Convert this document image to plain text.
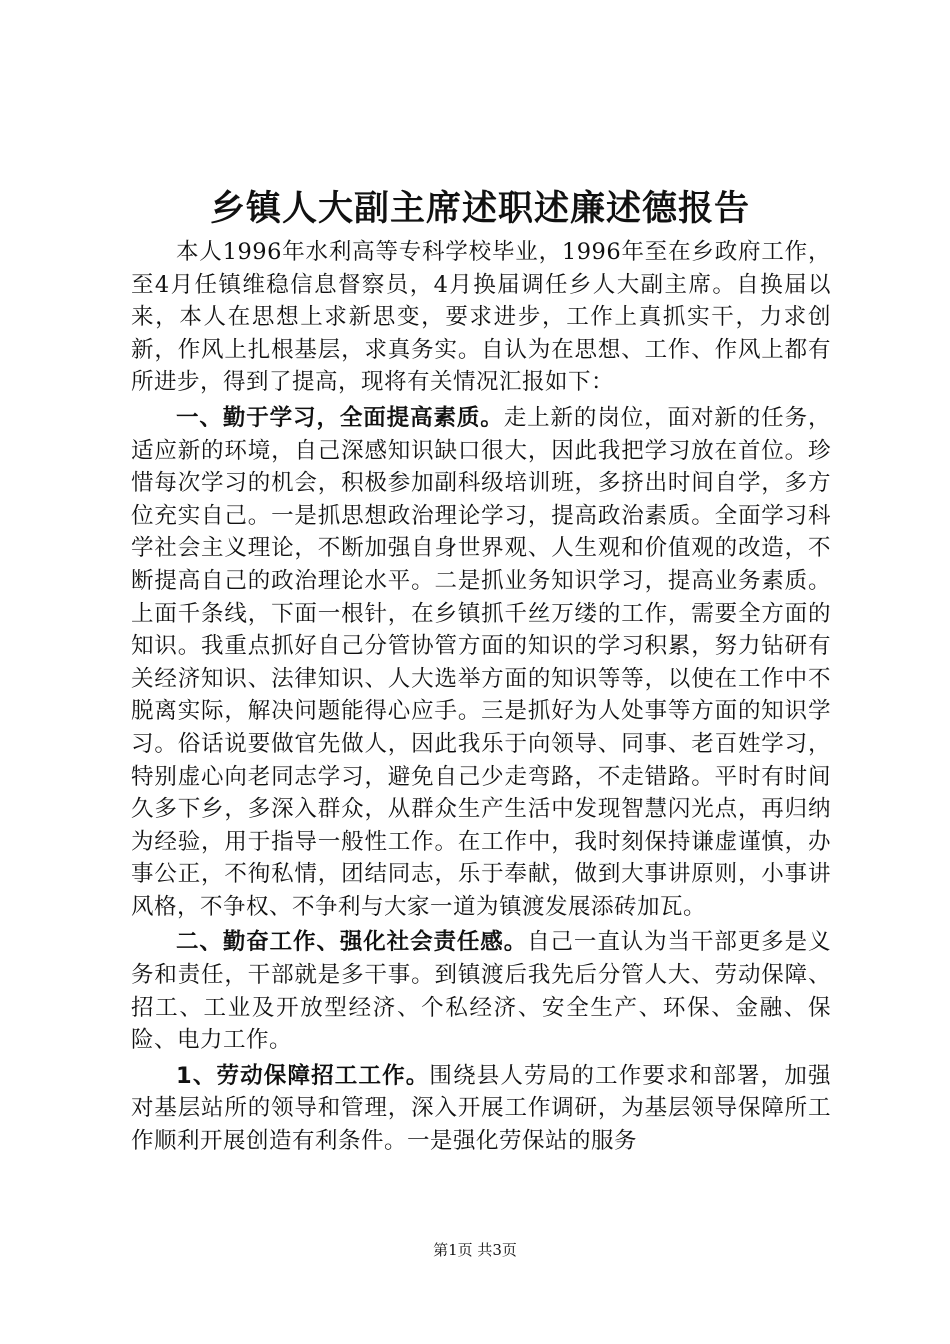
乡镇人大副主席述职述廉述德报告

本人1996年水利高等专科学校毕业，1996年至在乡政府工作，至4月任镇维稳信息督察员，4月换届调任乡人大副主席。自换届以来，本人在思想上求新思变，要求进步，工作上真抓实干，力求创新，作风上扎根基层，求真务实。自认为在思想、工作、作风上都有所进步，得到了提高，现将有关情况汇报如下：

一、勤于学习，全面提高素质。走上新的岗位，面对新的任务，适应新的环境，自己深感知识缺口很大，因此我把学习放在首位。珍惜每次学习的机会，积极参加副科级培训班，多挤出时间自学，多方位充实自己。一是抓思想政治理论学习，提高政治素质。全面学习科学社会主义理论，不断加强自身世界观、人生观和价值观的改造，不断提高自己的政治理论水平。二是抓业务知识学习，提高业务素质。上面千条线，下面一根针，在乡镇抓千丝万缕的工作，需要全方面的知识。我重点抓好自己分管协管方面的知识的学习积累，努力钻研有关经济知识、法律知识、人大选举方面的知识等等，以使在工作中不脱离实际，解决问题能得心应手。三是抓好为人处事等方面的知识学习。俗话说要做官先做人，因此我乐于向领导、同事、老百姓学习，特别虚心向老同志学习，避免自己少走弯路，不走错路。平时有时间久多下乡，多深入群众，从群众生产生活中发现智慧闪光点，再归纳为经验，用于指导一般性工作。在工作中，我时刻保持谦虚谨慎，办事公正，不徇私情，团结同志，乐于奉献，做到大事讲原则，小事讲风格，不争权、不争利与大家一道为镇渡发展添砖加瓦。

二、勤奋工作、强化社会责任感。自己一直认为当干部更多是义务和责任，干部就是多干事。到镇渡后我先后分管人大、劳动保障、招工、工业及开放型经济、个私经济、安全生产、环保、金融、保险、电力工作。

1、劳动保障招工工作。围绕县人劳局的工作要求和部署，加强对基层站所的领导和管理，深入开展工作调研，为基层领导保障所工作顺利开展创造有利条件。一是强化劳保站的服务

第1页 共3页
